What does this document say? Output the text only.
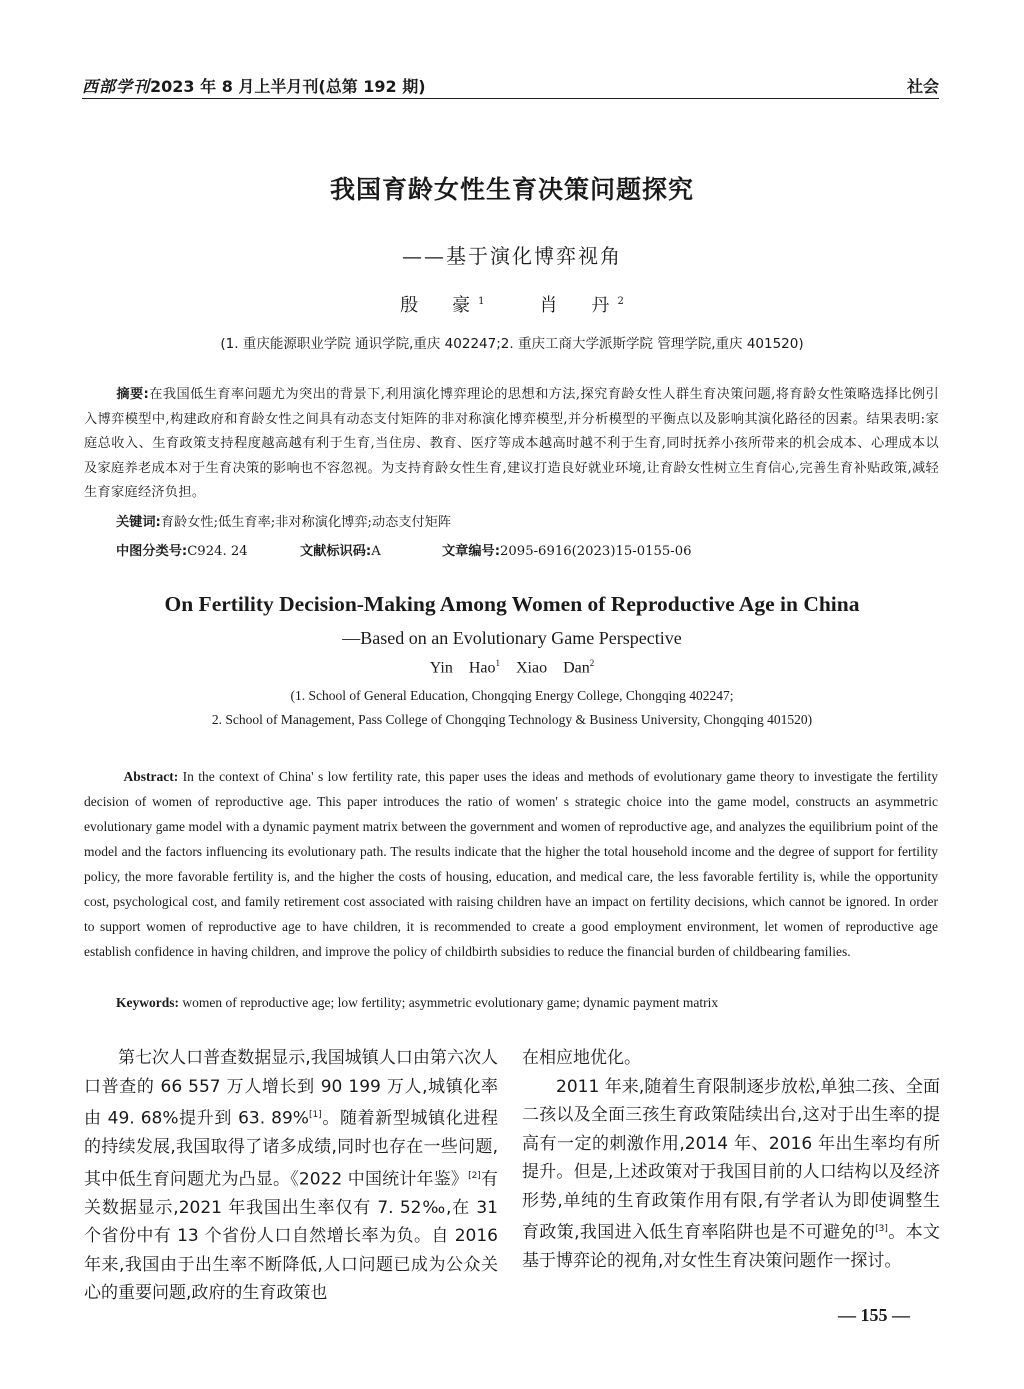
西部学刊2023 年 8 月上半月刊(总第 192 期)	社会
我国育龄女性生育决策问题探究
——基于演化博弈视角
殷　豪$^1$	肖　丹$^2$
(1. 重庆能源职业学院 通识学院,重庆 402247;2. 重庆工商大学派斯学院 管理学院,重庆 401520)
摘要:在我国低生育率问题尤为突出的背景下,利用演化博弈理论的思想和方法,探究育龄女性人群生育决策问题,将育龄女性策略选择比例引入博弈模型中,构建政府和育龄女性之间具有动态支付矩阵的非对称演化博弈模型,并分析模型的平衡点以及影响其演化路径的因素。结果表明:家庭总收入、生育政策支持程度越高越有利于生育,当住房、教育、医疗等成本越高时越不利于生育,同时抚养小孩所带来的机会成本、心理成本以及家庭养老成本对于生育决策的影响也不容忽视。为支持育龄女性生育,建议打造良好就业环境,让育龄女性树立生育信心,完善生育补贴政策,减轻生育家庭经济负担。
关键词:育龄女性;低生育率;非对称演化博弈;动态支付矩阵
中图分类号:C924. 24	文献标识码:A	文章编号:2095-6916(2023)15-0155-06
On Fertility Decision-Making Among Women of Reproductive Age in China
—Based on an Evolutionary Game Perspective
Yin Hao$^1$ Xiao Dan$^2$
(1. School of General Education, Chongqing Energy College, Chongqing 402247;
2. School of Management, Pass College of Chongqing Technology & Business University, Chongqing 401520)
Abstract: In the context of China' s low fertility rate, this paper uses the ideas and methods of evolutionary game theory to investigate the fertility decision of women of reproductive age. This paper introduces the ratio of women' s strategic choice into the game model, constructs an asymmetric evolutionary game model with a dynamic payment matrix between the government and women of reproductive age, and analyzes the equilibrium point of the model and the factors influencing its evolutionary path. The results indicate that the higher the total household income and the degree of support for fertility policy, the more favorable fertility is, and the higher the costs of housing, education, and medical care, the less favorable fertility is, while the opportunity cost, psychological cost, and family retirement cost associated with raising children have an impact on fertility decisions, which cannot be ignored. In order to support women of reproductive age to have children, it is recommended to create a good employment environment, let women of reproductive age establish confidence in having children, and improve the policy of childbirth subsidies to reduce the financial burden of childbearing families.
Keywords: women of reproductive age; low fertility; asymmetric evolutionary game; dynamic payment matrix
第七次人口普查数据显示,我国城镇人口由第六次人口普查的 66 557 万人增长到 90 199 万人,城镇化率由 49. 68%提升到 63. 89%[1]。随着新型城镇化进程的持续发展,我国取得了诸多成绩,同时也存在一些问题,其中低生育问题尤为凸显。《2022 中国统计年鉴》[2]有关数据显示,2021 年我国出生率仅有 7. 52‰,在 31 个省份中有 13 个省份人口自然增长率为负。自 2016 年来,我国由于出生率不断降低,人口问题已成为公众关心的重要问题,政府的生育政策也

在相应地优化。

2011 年来,随着生育限制逐步放松,单独二孩、全面二孩以及全面三孩生育政策陆续出台,这对于出生率的提高有一定的刺激作用,2014 年、2016 年出生率均有所提升。但是,上述政策对于我国目前的人口结构以及经济形势,单纯的生育政策作用有限,有学者认为即使调整生育政策,我国进入低生育率陷阱也是不可避免的[3]。本文基于博弈论的视角,对女性生育决策问题作一探讨。

— 155 —
